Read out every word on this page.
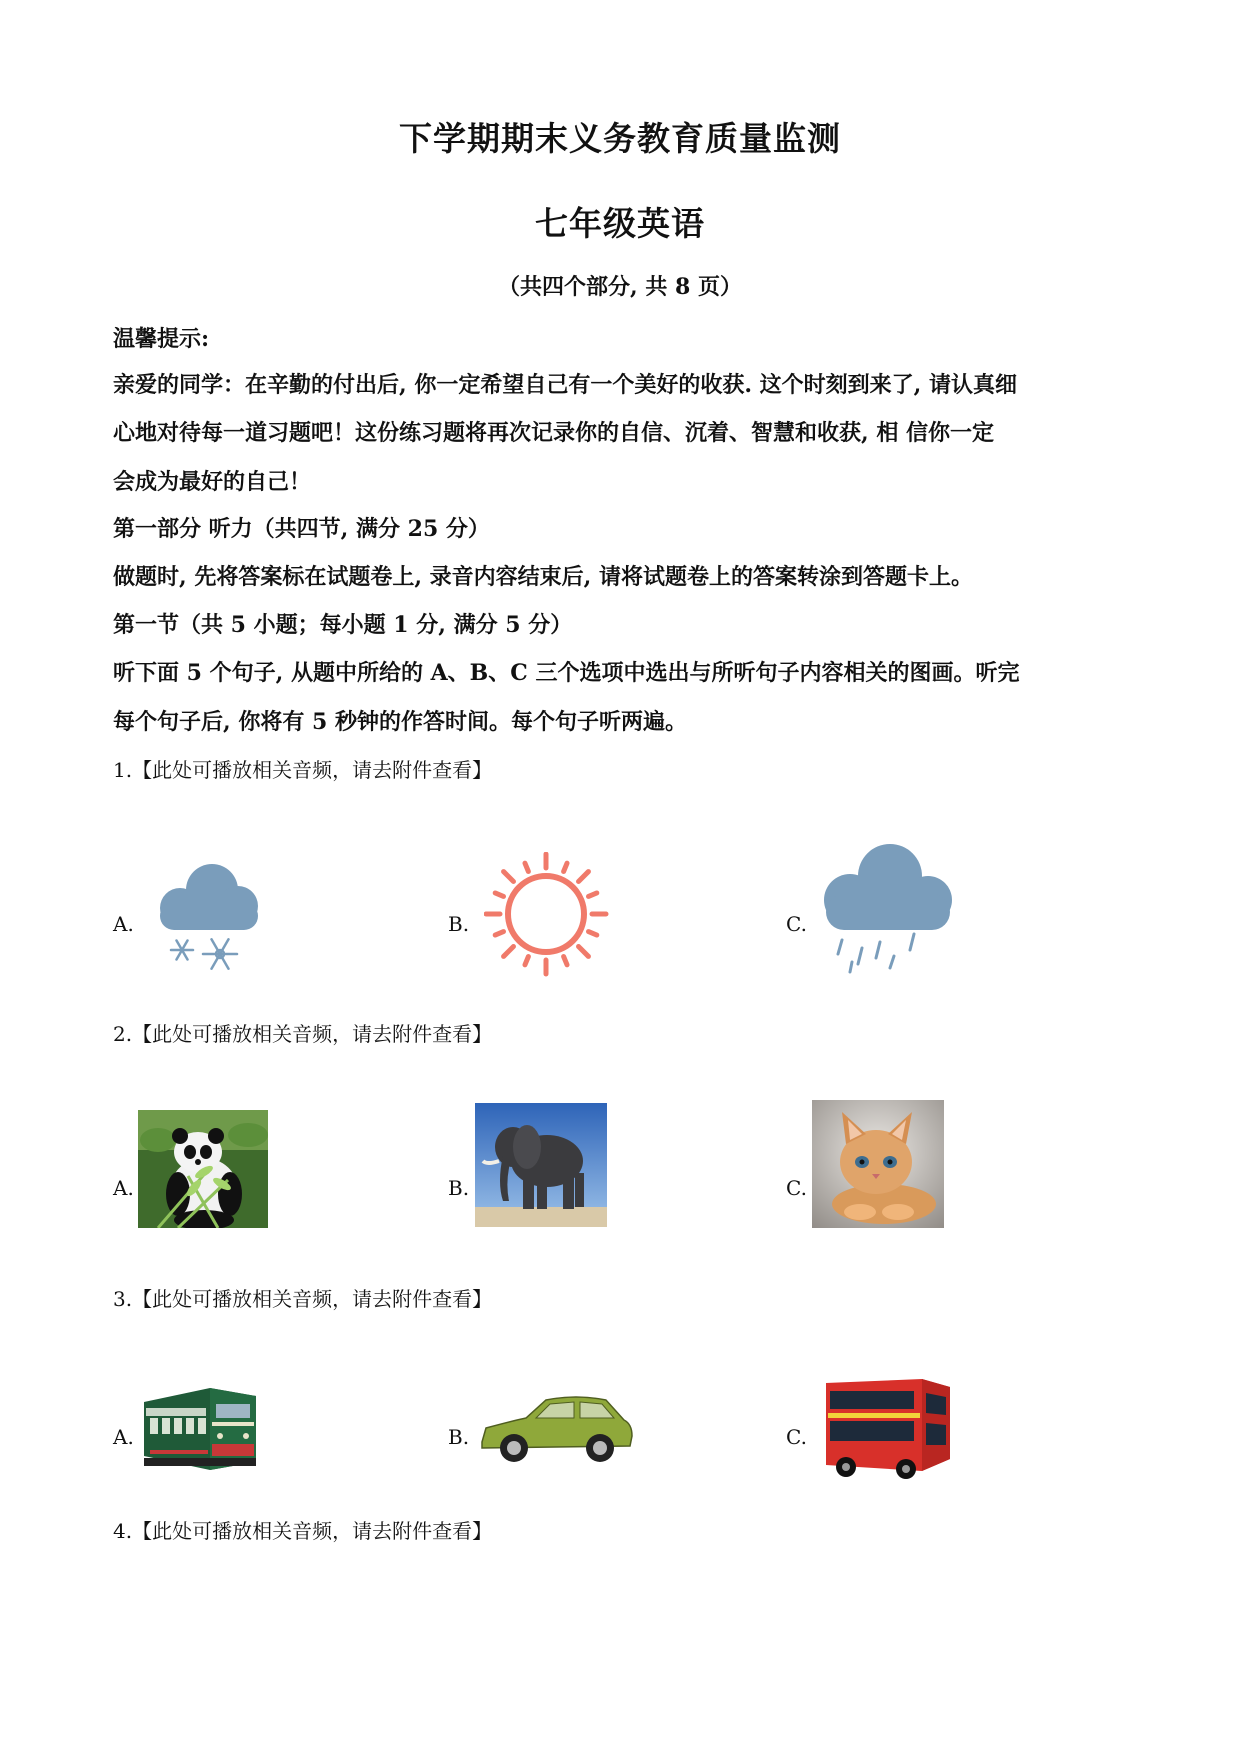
下学期期末义务教育质量监测
七年级英语
（共四个部分, 共 8 页）
温馨提示:
亲爱的同学：在辛勤的付出后, 你一定希望自己有一个美好的收获. 这个时刻到来了, 请认真细
心地对待每一道习题吧！这份练习题将再次记录你的自信、沉着、智慧和收获, 相 信你一定
会成为最好的自己！
第一部分 听力（共四节, 满分 25 分）
做题时, 先将答案标在试题卷上, 录音内容结束后, 请将试题卷上的答案转涂到答题卡上。
第一节（共 5 小题；每小题 1 分, 满分 5 分）
听下面 5 个句子, 从题中所给的 A、B、C 三个选项中选出与所听句子内容相关的图画。听完
每个句子后, 你将有 5 秒钟的作答时间。每个句子听两遍。
1.【此处可播放相关音频，请去附件查看】
A.	B.	C.
2.【此处可播放相关音频，请去附件查看】
A.	B.	C.
3.【此处可播放相关音频，请去附件查看】
A.	B.	C.
4.【此处可播放相关音频，请去附件查看】
